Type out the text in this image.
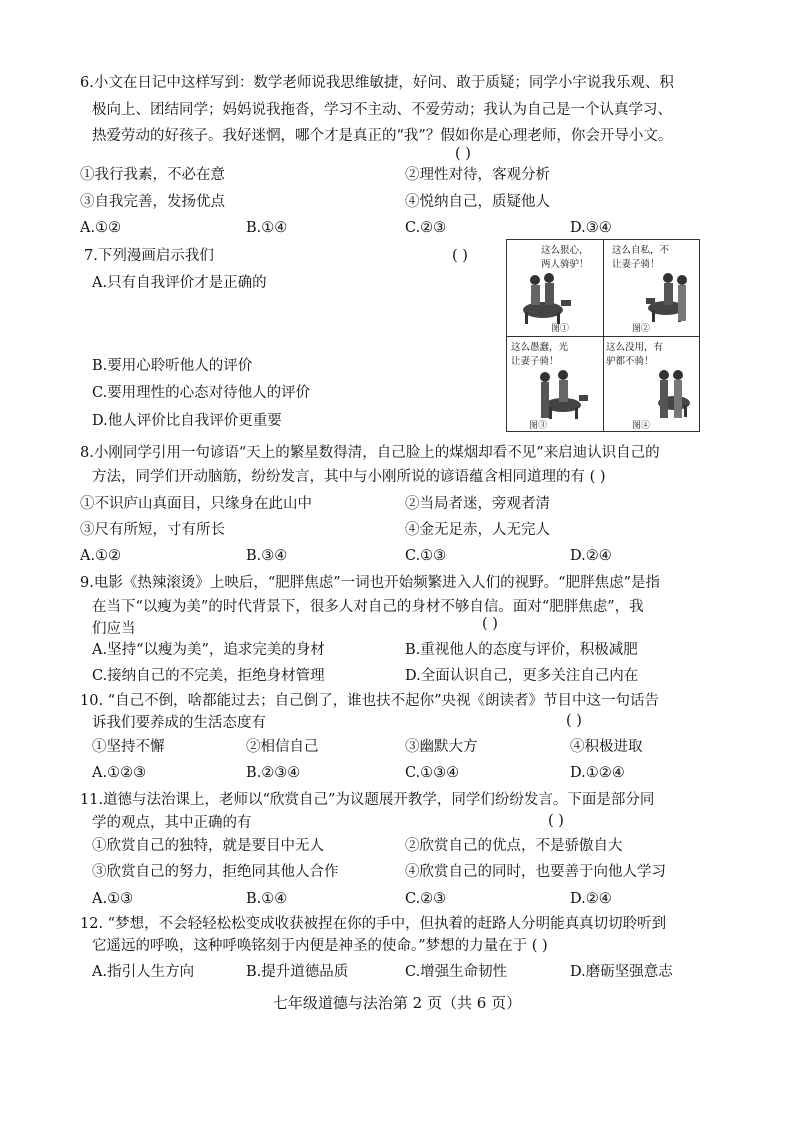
6.小文在日记中这样写到：数学老师说我思维敏捷，好问、敢于质疑；同学小宇说我乐观、积
极向上、团结同学；妈妈说我拖沓，学习不主动、不爱劳动；我认为自己是一个认真学习、
热爱劳动的好孩子。我好迷惘，哪个才是真正的“我”？假如你是心理老师，你会开导小文。
( )
①我行我素，不必在意	②理性对待，客观分析
③自我完善，发扬优点	④悦纳自己，质疑他人
A.①②	B.①④	C.②③	D.③④
7.下列漫画启示我们	( )
A.只有自我评价才是正确的
B.要用心聆听他人的评价
C.要用理性的心态对待他人的评价
D.他人评价比自我评价更重要
这么狠心，
两人骑驴！
图①
这么自私，不
让妻子骑！
图②
这么愚蠢，光
让妻子骑！
图③
这么没用，有
驴都不骑！
图④
8.小刚同学引用一句谚语“天上的繁星数得清，自己脸上的煤烟却看不见”来启迪认识自己的
方法，同学们开动脑筋，纷纷发言，其中与小刚所说的谚语蕴含相同道理的有 ( )
①不识庐山真面目，只缘身在此山中	②当局者迷，旁观者清
③尺有所短，寸有所长	④金无足赤，人无完人
A.①②	B.③④	C.①③	D.②④
9.电影《热辣滚烫》上映后，“肥胖焦虑”一词也开始频繁进入人们的视野。“肥胖焦虑”是指
在当下“以瘦为美”的时代背景下，很多人对自己的身材不够自信。面对“肥胖焦虑”，我
们应当	( )
A.坚持“以瘦为美”，追求完美的身材	B.重视他人的态度与评价，积极减肥
C.接纳自己的不完美，拒绝身材管理	D.全面认识自己，更多关注自己内在
10. “自己不倒，啥都能过去；自己倒了，谁也扶不起你”央视《朗读者》节目中这一句话告
诉我们要养成的生活态度有	( )
①坚持不懈	②相信自己	③幽默大方	④积极进取
A.①②③	B.②③④	C.①③④	D.①②④
11.道德与法治课上，老师以“欣赏自己”为议题展开教学，同学们纷纷发言。下面是部分同
学的观点，其中正确的有	( )
①欣赏自己的独特，就是要目中无人	②欣赏自己的优点，不是骄傲自大
③欣赏自己的努力，拒绝同其他人合作	④欣赏自己的同时，也要善于向他人学习
A.①③	B.①④	C.②③	D.②④
12. “梦想，不会轻轻松松变成收获被捏在你的手中，但执着的赶路人分明能真真切切聆听到
它遥远的呼唤，这种呼唤铭刻于内便是神圣的使命。”梦想的力量在于 ( )
A.指引人生方向	B.提升道德品质	C.增强生命韧性	D.磨砺坚强意志
七年级道德与法治第 2 页（共 6 页）
